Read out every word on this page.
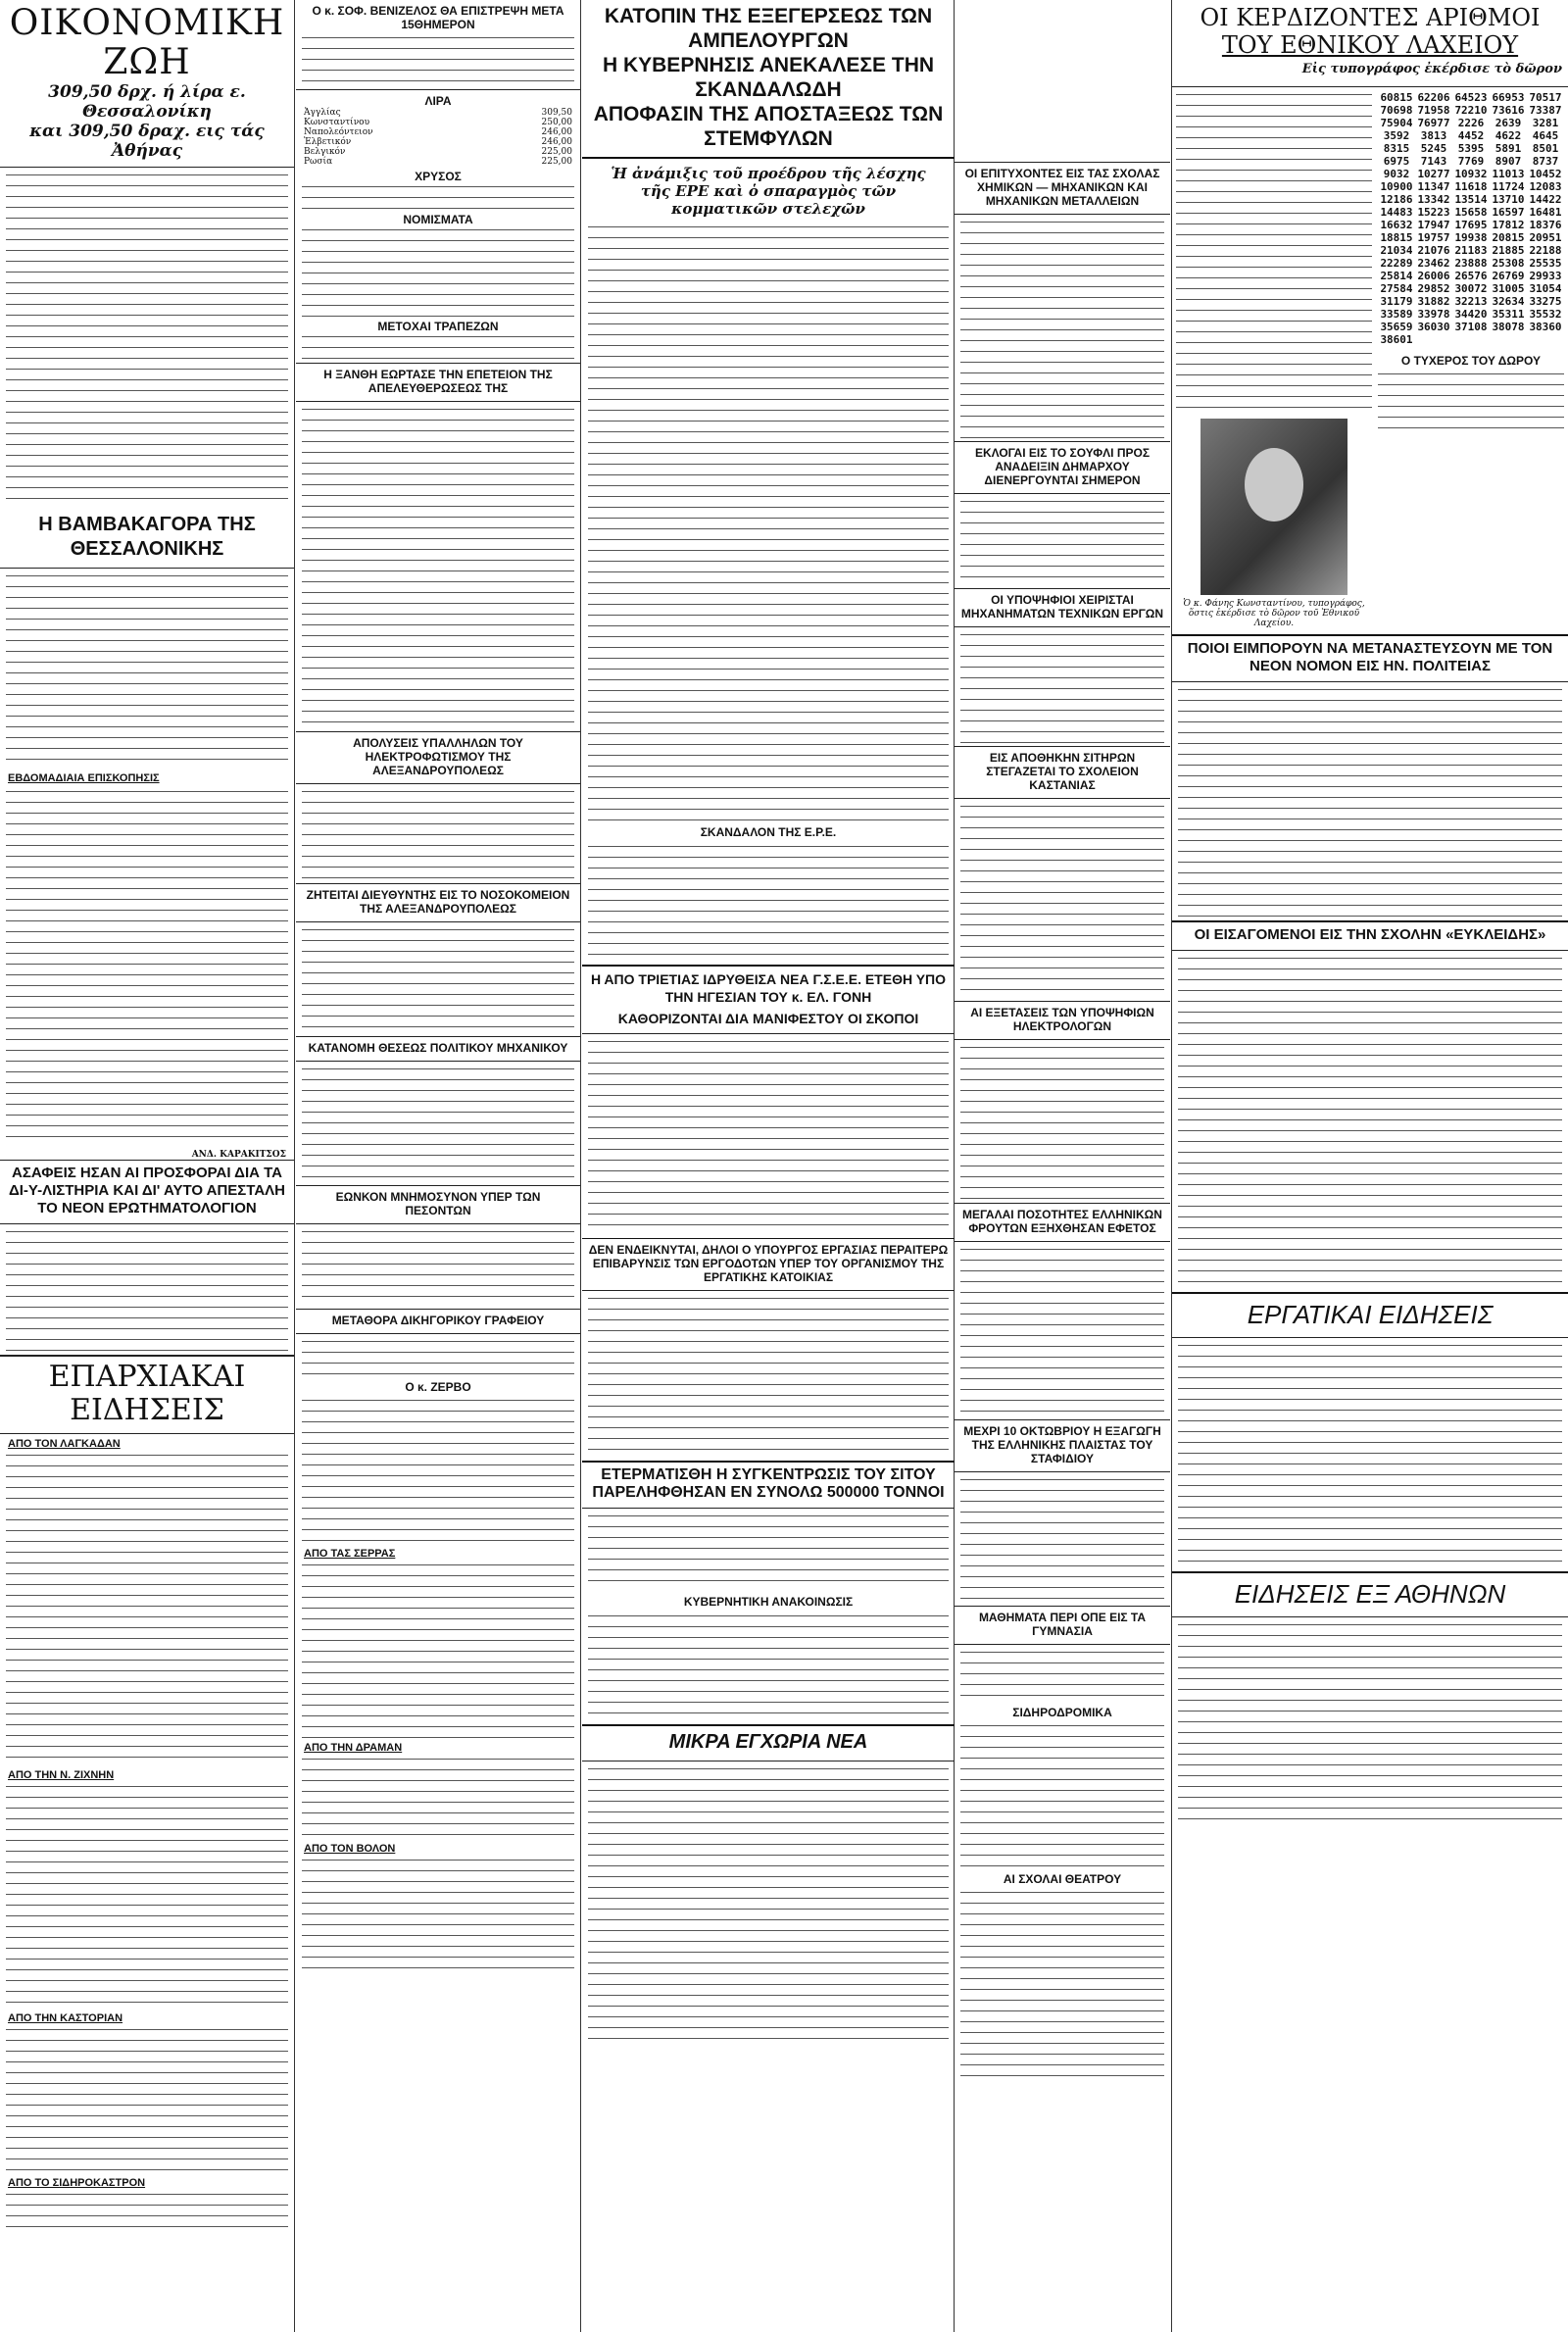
ΟΙΚΟΝΟΜΙΚΗ ΖΩΗ
309,50 δρχ. ή λίρα ε. Θεσσαλονίκη
και 309,50 δραχ. εις τάς Ἀθήνας
Η ΒΑΜΒΑΚΑΓΟΡΑ ΤΗΣ ΘΕΣΣΑΛΟΝΙΚΗΣ
ΕΒΔΟΜΑΔΙΑΙΑ ΕΠΙΣΚΟΠΗΣΙΣ
ΑΝΔ. ΚΑΡΑΚΙΤΣΟΣ
ΑΣΑΦΕΙΣ ΗΣΑΝ ΑΙ ΠΡΟΣΦΟΡΑΙ ΔΙΑ ΤΑ ΔΙ-Υ-ΛΙΣΤΗΡΙΑ ΚΑΙ ΔΙ' ΑΥΤΟ ΑΠΕΣΤΑΛΗ ΤΟ ΝΕΟΝ ΕΡΩΤΗΜΑΤΟΛΟΓΙΟΝ
ΕΠΑΡΧΙΑΚΑΙ ΕΙΔΗΣΕΙΣ
ΑΠΟ ΤΟΝ ΛΑΓΚΑΔΑΝ
ΑΠΟ ΤΗΝ Ν. ΖΙΧΝΗΝ
ΑΠΟ ΤΗΝ ΚΑΣΤΟΡΙΑΝ
ΑΠΟ ΤΟ ΣΙΔΗΡΟΚΑΣΤΡΟΝ
Ο κ. ΣΟΦ. ΒΕΝΙΖΕΛΟΣ ΘΑ ΕΠΙΣΤΡΕΨΗ ΜΕΤΑ 15ΘΗΜΕΡΟΝ
ΛΙΡΑ
Ἀγγλίας	309,50
Κωνσταντίνου	250,00
Ναπολεόντειον	246,00
Ἐλβετικόν	246,00
Βελγικόν	225,00
Ρωσία	225,00
ΧΡΥΣΟΣ
ΝΟΜΙΣΜΑΤΑ
ΜΕΤΟΧΑΙ ΤΡΑΠΕΖΩΝ
Η ΞΑΝΘΗ ΕΩΡΤΑΣΕ ΤΗΝ ΕΠΕΤΕΙΟΝ ΤΗΣ ΑΠΕΛΕΥΘΕΡΩΣΕΩΣ ΤΗΣ
ΑΠΟΛΥΣΕΙΣ ΥΠΑΛΛΗΛΩΝ ΤΟΥ ΗΛΕΚΤΡΟΦΩΤΙΣΜΟΥ ΤΗΣ ΑΛΕΞΑΝΔΡΟΥΠΟΛΕΩΣ
ΖΗΤΕΙΤΑΙ ΔΙΕΥΘΥΝΤΗΣ ΕΙΣ ΤΟ ΝΟΣΟΚΟΜΕΙΟΝ ΤΗΣ ΑΛΕΞΑΝΔΡΟΥΠΟΛΕΩΣ
ΚΑΤΑΝΟΜΗ ΘΕΣΕΩΣ ΠΟΛΙΤΙΚΟΥ ΜΗΧΑΝΙΚΟΥ
ΕΩΝΚΟΝ ΜΝΗΜΟΣΥΝΟΝ ΥΠΕΡ ΤΩΝ ΠΕΣΟΝΤΩΝ
ΜΕΤΑΘΟΡΑ ΔΙΚΗΓΟΡΙΚΟΥ ΓΡΑΦΕΙΟΥ
Ο κ. ΖΕΡΒΟ
ΑΠΟ ΤΑΣ ΣΕΡΡΑΣ
ΑΠΟ ΤΗΝ ΔΡΑΜΑΝ
ΑΠΟ ΤΟΝ ΒΟΛΟΝ
ΚΑΤΟΠΙΝ ΤΗΣ ΕΞΕΓΕΡΣΕΩΣ ΤΩΝ ΑΜΠΕΛΟΥΡΓΩΝ
Η ΚΥΒΕΡΝΗΣΙΣ ΑΝΕΚΑΛΕΣΕ ΤΗΝ ΣΚΑΝΔΑΛΩΔΗ
ΑΠΟΦΑΣΙΝ ΤΗΣ ΑΠΟΣΤΑΞΕΩΣ ΤΩΝ ΣΤΕΜΦΥΛΩΝ
Ἡ ἀνάμιξις τοῦ προέδρου τῆς λέσχης τῆς ΕΡΕ καὶ ὁ σπαραγμὸς τῶν κομματικῶν στελεχῶν
ΣΚΑΝΔΑΛΟΝ ΤΗΣ Ε.Ρ.Ε.
Η ΑΠΟ ΤΡΙΕΤΙΑΣ ΙΔΡΥΘΕΙΣΑ ΝΕΑ Γ.Σ.Ε.Ε. ΕΤΕΘΗ ΥΠΟ ΤΗΝ ΗΓΕΣΙΑΝ ΤΟΥ κ. ΕΛ. ΓΟΝΗ
ΚΑΘΟΡΙΖΟΝΤΑΙ ΔΙΑ ΜΑΝΙΦΕΣΤΟΥ ΟΙ ΣΚΟΠΟΙ
ΔΕΝ ΕΝΔΕΙΚΝΥΤΑΙ, ΔΗΛΟΙ Ο ΥΠΟΥΡΓΟΣ ΕΡΓΑΣΙΑΣ ΠΕΡΑΙΤΕΡΩ ΕΠΙΒΑΡΥΝΣΙΣ ΤΩΝ ΕΡΓΟΔΟΤΩΝ ΥΠΕΡ ΤΟΥ ΟΡΓΑΝΙΣΜΟΥ ΤΗΣ ΕΡΓΑΤΙΚΗΣ ΚΑΤΟΙΚΙΑΣ
ΕΤΕΡΜΑΤΙΣΘΗ Η ΣΥΓΚΕΝΤΡΩΣΙΣ ΤΟΥ ΣΙΤΟΥ
ΠΑΡΕΛΗΦΘΗΣΑΝ ΕΝ ΣΥΝΟΛΩ 500000 ΤΟΝΝΟΙ
ΚΥΒΕΡΝΗΤΙΚΗ ΑΝΑΚΟΙΝΩΣΙΣ
ΜΙΚΡΑ ΕΓΧΩΡΙΑ ΝΕΑ
ΟΙ ΕΠΙΤΥΧΟΝΤΕΣ ΕΙΣ ΤΑΣ ΣΧΟΛΑΣ ΧΗΜΙΚΩΝ — ΜΗΧΑΝΙΚΩΝ ΚΑΙ ΜΗΧΑΝΙΚΩΝ ΜΕΤΑΛΛΕΙΩΝ
ΕΚΛΟΓΑΙ ΕΙΣ ΤΟ ΣΟΥΦΛΙ ΠΡΟΣ ΑΝΑΔΕΙΞΙΝ ΔΗΜΑΡΧΟΥ ΔΙΕΝΕΡΓΟΥΝΤΑΙ ΣΗΜΕΡΟΝ
ΟΙ ΥΠΟΨΗΦΙΟΙ ΧΕΙΡΙΣΤΑΙ ΜΗΧΑΝΗΜΑΤΩΝ ΤΕΧΝΙΚΩΝ ΕΡΓΩΝ
ΕΙΣ ΑΠΟΘΗΚΗΝ ΣΙΤΗΡΩΝ ΣΤΕΓΑΖΕΤΑΙ ΤΟ ΣΧΟΛΕΙΟΝ ΚΑΣΤΑΝΙΑΣ
ΑΙ ΕΞΕΤΑΣΕΙΣ ΤΩΝ ΥΠΟΨΗΦΙΩΝ ΗΛΕΚΤΡΟΛΟΓΩΝ
ΜΕΓΑΛΑΙ ΠΟΣΟΤΗΤΕΣ ΕΛΛΗΝΙΚΩΝ ΦΡΟΥΤΩΝ ΕΞΗΧΘΗΣΑΝ ΕΦΕΤΟΣ
ΜΕΧΡΙ 10 ΟΚΤΩΒΡΙΟΥ Η ΕΞΑΓΩΓΗ ΤΗΣ ΕΛΛΗΝΙΚΗΣ ΠΛΑΙΣΤΑΣ ΤΟΥ ΣΤΑΦΙΔΙΟΥ
ΜΑΘΗΜΑΤΑ ΠΕΡΙ ΟΠΕ ΕΙΣ ΤΑ ΓΥΜΝΑΣΙΑ
ΣΙΔΗΡΟΔΡΟΜΙΚΑ
ΑΙ ΣΧΟΛΑΙ ΘΕΑΤΡΟΥ
ΟΙ ΚΕΡΔΙΖΟΝΤΕΣ ΑΡΙΘΜΟΙ
ΤΟΥ ΕΘΝΙΚΟΥ ΛΑΧΕΙΟΥ
Εἰς τυπογράφος ἐκέρδισε τὸ δῶρον
Ὁ κ. Φάνης Κωνσταντίνου, τυπογράφος, ὅστις ἐκέρδισε τὸ δῶρον τοῦ Ἐθνικοῦ Λαχείου.
60815 62206 64523 66953 70517
70698 71958 72210 73616 73387
75904 76977 2226	2639	3281
3592	3813	4452	4622	4645
8315	5245	5395	5891	8501
6975	7143	7769	8907	8737
9032 10277 10932 11013 10452
10900 11347 11618 11724 12083
12186 13342 13514 13710 14422
14483 15223 15658 16597 16481
16632 17947 17695 17812 18376
18815 19757 19938 20815 20951
21034 21076 21183 21885 22188
22289 23462 23888 25308 25535
25814 26006 26576 26769 29933
27584 29852 30072 31005 31054
31179 31882 32213 32634 33275
33589 33978 34420 35311 35532
35659 36030 37108 38078 38360
38601
Ο ΤΥΧΕΡΟΣ ΤΟΥ ΔΩΡΟΥ
ΠΟΙΟΙ ΕΙΜΠΟΡΟΥΝ ΝΑ ΜΕΤΑΝΑΣΤΕΥΣΟΥΝ ΜΕ ΤΟΝ ΝΕΟΝ ΝΟΜΟΝ ΕΙΣ ΗΝ. ΠΟΛΙΤΕΙΑΣ
ΟΙ ΕΙΣΑΓΟΜΕΝΟΙ ΕΙΣ ΤΗΝ ΣΧΟΛΗΝ «ΕΥΚΛΕΙΔΗΣ»
ΕΡΓΑΤΙΚΑΙ ΕΙΔΗΣΕΙΣ
ΕΙΔΗΣΕΙΣ ΕΞ ΑΘΗΝΩΝ
